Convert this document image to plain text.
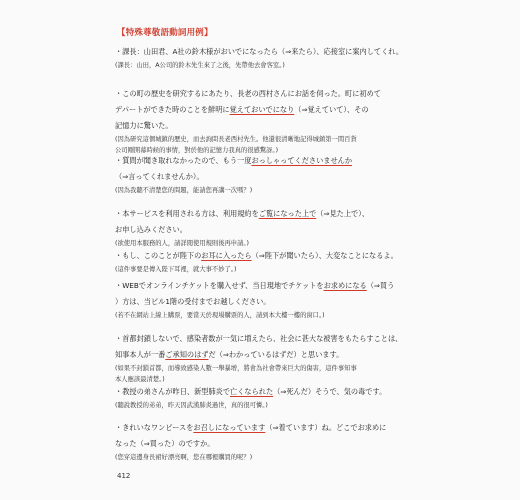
【特殊尊敬語動詞用例】
・課長：山田君、A社の鈴木様がおいでになったら（⇒来たら）、応接室に案内してくれ。
(課長：山田，A公司的鈴木先生來了之後，先帶他去會客室。)
・この町の歴史を研究するにあたり、長老の西村さんにお話を伺った。町に初めて
デパートができた時のことを鮮明に覚えておいでになり（⇒覚えていて）、その
記憶力に驚いた。
(因為研究這個城鎮的歷史，而去詢問長老西村先生。他還很清晰地記得城鎮第一間百貨
公司剛開幕時候的事情，對於他的記憶力我真的很感驚訝。)
・質問が聞き取れなかったので、もう一度おっしゃってくださいませんか
（⇒言ってくれませんか）。
(因為我聽不清楚您的問題，能請您再講一次嗎？)
・本サービスを利用される方は、利用規約をご覧になった上で（⇒見た上で）、
お申し込みください。
(欲使用本服務的人，請詳閱使用規則後再申請。)
・もし、このことが陛下のお耳に入ったら（⇒陛下が聞いたら）、大変なことになるよ。
(這件事要是傳入陛下耳裡，就大事不妙了。)
・WEBでオンラインチケットを購入せず、当日現地でチケットをお求めになる（⇒買う
）方は、当ビル1階の受付までお越しください。
(若不在網站上線上購票，要當天於現場購票的人，請到本大樓一樓的窗口。)
・首都封鎖しないで、感染者数が一気に増えたら、社会に甚大な被害をもたらすことは、
知事本人が一番ご承知のはずだ（⇒わかっているはずだ）と思います。
(如果不封鎖首都，而導致感染人數一舉暴增，將會為社會帶來巨大的傷害，這件事知事
本人應該最清楚。)
・教授の弟さんが昨日、新型肺炎で亡くなられた（⇒死んだ）そうで、気の毒です。
(聽說教授的弟弟，昨天因武漢肺炎過世，真的很可憐。)
・きれいなワンピースをお召しになっています（⇒着ています）ね。どこでお求めに
なった（⇒買った）のですか。
(您穿這邊身長裙好漂亮啊，您在哪裡購買的呢？)
412
